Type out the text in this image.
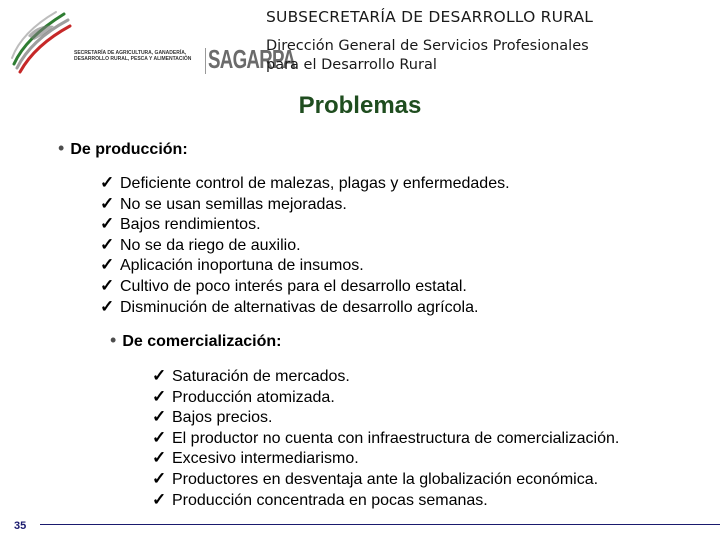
SECRETARÍA DE AGRICULTURA, GANADERÍA, DESARROLLO RURAL, PESCA Y ALIMENTACIÓN SAGARPA
SUBSECRETARÍA DE DESARROLLO RURAL
Dirección General de Servicios Profesionales
para el Desarrollo Rural
Problemas
• De producción:
✓ Deficiente control de malezas, plagas y enfermedades.
✓ No se usan semillas mejoradas.
✓ Bajos rendimientos.
✓ No se da riego de auxilio.
✓ Aplicación inoportuna de insumos.
✓ Cultivo de poco interés para el desarrollo estatal.
✓ Disminución de alternativas de desarrollo agrícola.
• De comercialización:
✓ Saturación de mercados.
✓ Producción atomizada.
✓ Bajos precios.
✓ El productor no cuenta con infraestructura de comercialización.
✓ Excesivo intermediarismo.
✓ Productores en desventaja ante la globalización económica.
✓ Producción concentrada en pocas semanas.
35
